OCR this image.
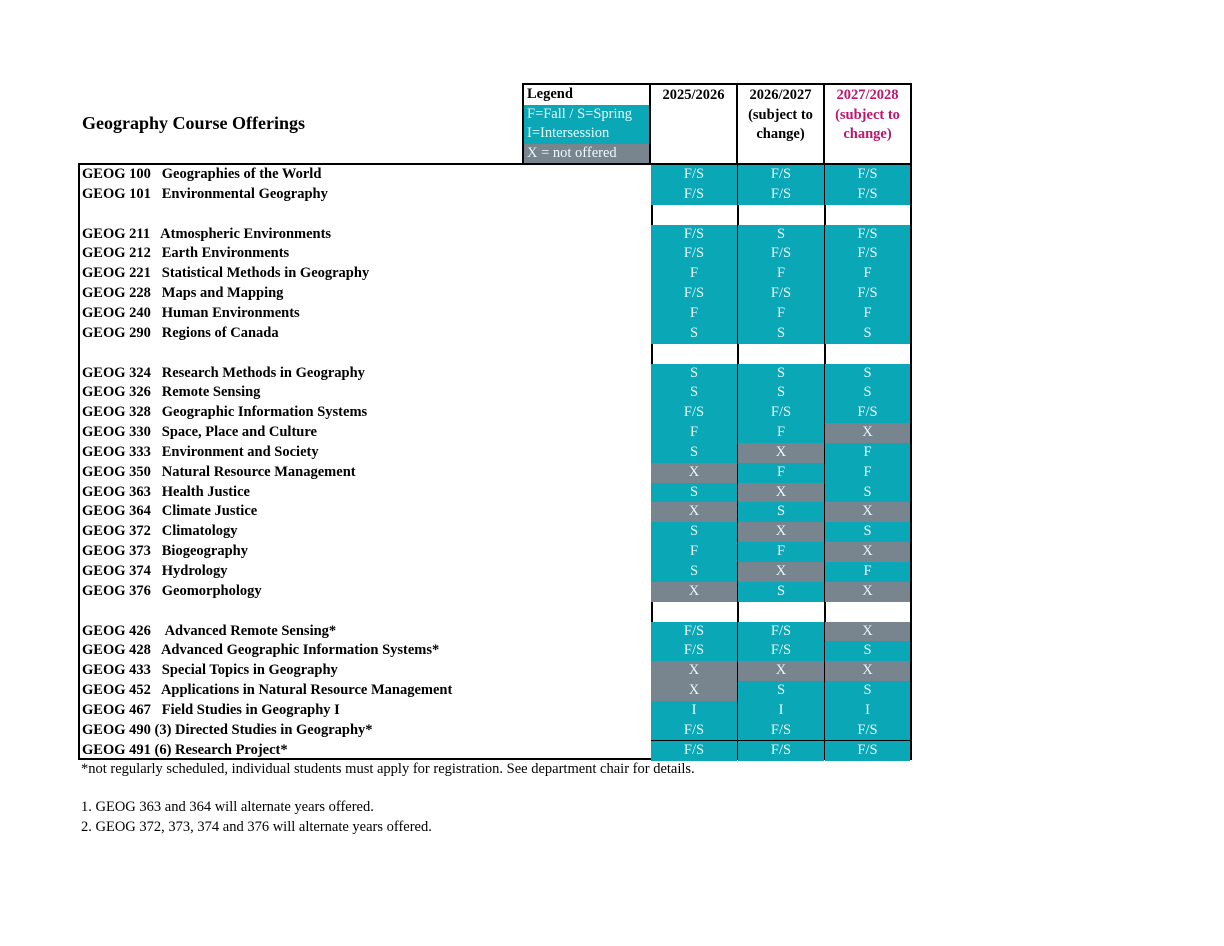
Geography Course Offerings
Legend
F=Fall / S=Spring
I=Intersession
X = not offered
2025/2026	2026/2027
(subject to
change)
2027/2028
(subject to
change)
GEOG 100   Geographies of the World	F/S	F/S	F/S
GEOG 101   Environmental Geography	F/S	F/S	F/S
GEOG 211   Atmospheric Environments	F/S	S	F/S
GEOG 212   Earth Environments	F/S	F/S	F/S
GEOG 221   Statistical Methods in Geography	F	F	F
GEOG 228   Maps and Mapping	F/S	F/S	F/S
GEOG 240   Human Environments	F	F	F
GEOG 290   Regions of Canada	S	S	S
GEOG 324   Research Methods in Geography	S	S	S
GEOG 326   Remote Sensing	S	S	S
GEOG 328   Geographic Information Systems	F/S	F/S	F/S
GEOG 330   Space, Place and Culture	F	F	X
GEOG 333   Environment and Society	S	X	F
GEOG 350   Natural Resource Management	X	F	F
GEOG 363   Health Justice	S	X	S
GEOG 364   Climate Justice	X	S	X
GEOG 372   Climatology	S	X	S
GEOG 373   Biogeography	F	F	X
GEOG 374   Hydrology	S	X	F
GEOG 376   Geomorphology	X	S	X
GEOG 426    Advanced Remote Sensing*	F/S	F/S	X
GEOG 428   Advanced Geographic Information Systems*	F/S	F/S	S
GEOG 433   Special Topics in Geography	X	X	X
GEOG 452   Applications in Natural Resource Management	X	S	S
GEOG 467   Field Studies in Geography I	I	I	I
GEOG 490 (3) Directed Studies in Geography*	F/S	F/S	F/S
GEOG 491 (6) Research Project*	F/S	F/S	F/S
*not regularly scheduled, individual students must apply for registration. See department chair for details.
1. GEOG 363 and 364 will alternate years offered.
2. GEOG 372, 373, 374 and 376 will alternate years offered.
